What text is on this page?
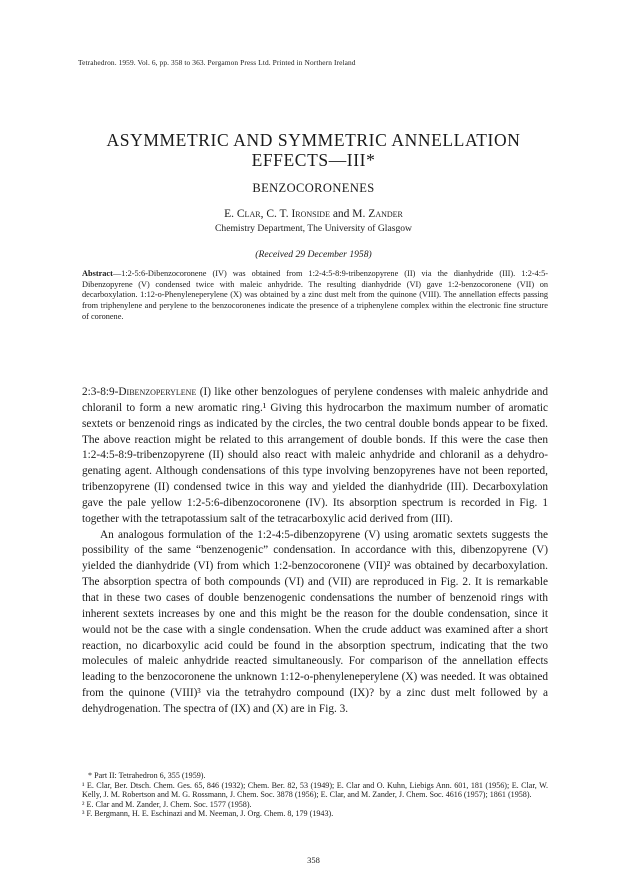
Tetrahedron. 1959. Vol. 6, pp. 358 to 363. Pergamon Press Ltd. Printed in Northern Ireland
ASYMMETRIC AND SYMMETRIC ANNELLATION
EFFECTS—III*
BENZOCORONENES
E. Clar, C. T. Ironside and M. Zander
Chemistry Department, The University of Glasgow
(Received 29 December 1958)
Abstract—1:2-5:6-Dibenzocoronene (IV) was obtained from 1:2-4:5-8:9-tribenzopyrene (II) via the dianhydride (III). 1:2-4:5-Dibenzopyrene (V) condensed twice with maleic anhydride. The resulting dianhydride (VI) gave 1:2-benzocoronene (VII) on decarboxylation. 1:12-o-Phenyleneperylene (X) was obtained by a zinc dust melt from the quinone (VIII). The annellation effects passing from triphenylene and perylene to the benzocoronenes indicate the presence of a triphenylene complex within the electronic fine structure of coronene.

2:3-8:9-Dibenzoperylene (I) like other benzologues of perylene condenses with maleic anhydride and chloranil to form a new aromatic ring.¹ Giving this hydrocarbon the maximum number of aromatic sextets or benzenoid rings as indicated by the circles, the two central double bonds appear to be fixed. The above reaction might be related to this arrangement of double bonds. If this were the case then 1:2-4:5-8:9-tribenzopyrene (II) should also react with maleic anhydride and chloranil as a dehydrogenating agent. Although condensations of this type involving benzopyrenes have not been reported, tribenzopyrene (II) condensed twice in this way and yielded the dianhydride (III). Decarboxylation gave the pale yellow 1:2-5:6-dibenzocoronene (IV). Its absorption spectrum is recorded in Fig. 1 together with the tetrapotassium salt of the tetracarboxylic acid derived from (III).

An analogous formulation of the 1:2-4:5-dibenzopyrene (V) using aromatic sextets suggests the possibility of the same “benzenogenic” condensation. In accordance with this, dibenzopyrene (V) yielded the dianhydride (VI) from which 1:2-benzocoronene (VII)² was obtained by decarboxylation. The absorption spectra of both compounds (VI) and (VII) are reproduced in Fig. 2. It is remarkable that in these two cases of double benzenogenic condensations the number of benzenoid rings with inherent sextets increases by one and this might be the reason for the double condensation, since it would not be the case with a single condensation. When the crude adduct was examined after a short reaction, no dicarboxylic acid could be found in the absorption spectrum, indicating that the two molecules of maleic anhydride reacted simultaneously. For comparison of the annellation effects leading to the benzocoronene the unknown 1:12-o-phenyleneperylene (X) was needed. It was obtained from the quinone (VIII)³ via the tetrahydro compound (IX)? by a zinc dust melt followed by a dehydrogenation. The spectra of (IX) and (X) are in Fig. 3.

* Part II: Tetrahedron 6, 355 (1959).
¹ E. Clar, Ber. Dtsch. Chem. Ges. 65, 846 (1932); Chem. Ber. 82, 53 (1949); E. Clar and O. Kuhn, Liebigs Ann. 601, 181 (1956); E. Clar, W. Kelly, J. M. Robertson and M. G. Rossmann, J. Chem. Soc. 3878 (1956); E. Clar, and M. Zander, J. Chem. Soc. 4616 (1957); 1861 (1958).
² E. Clar and M. Zander, J. Chem. Soc. 1577 (1958).
³ F. Bergmann, H. E. Eschinazi and M. Neeman, J. Org. Chem. 8, 179 (1943).
358
